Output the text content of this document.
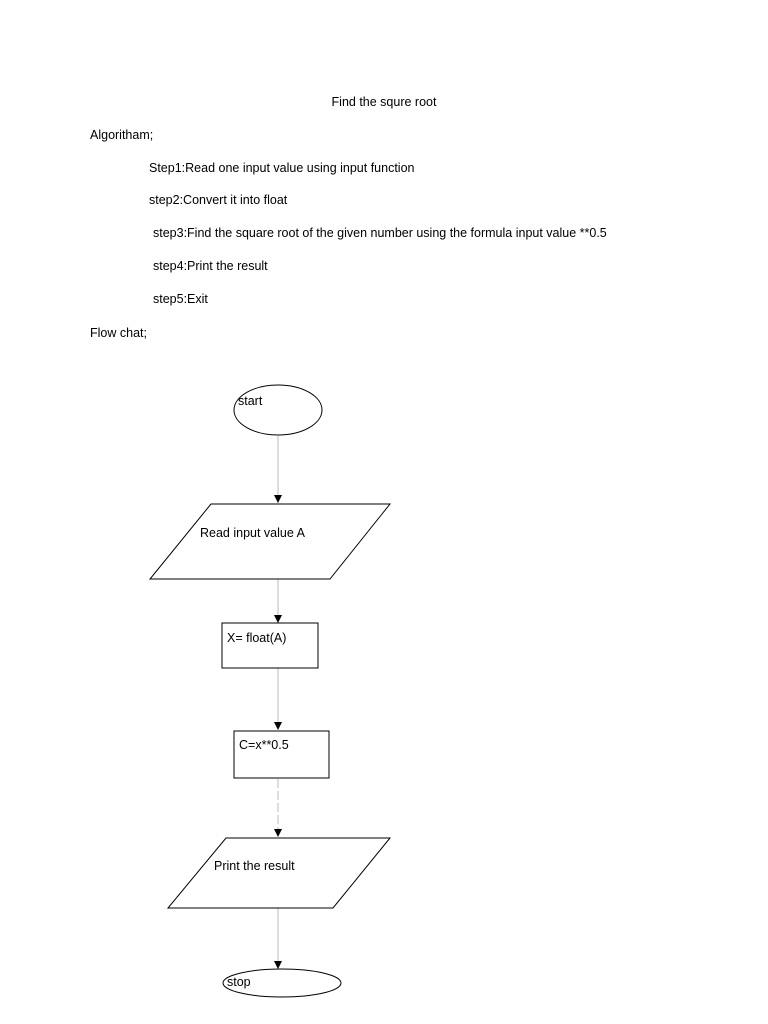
Find the squre root
Algoritham;
Step1:Read one input value using input function
step2:Convert it into float
step3:Find the square root of the given number using the formula input value **0.5
step4:Print the result
step5:Exit
Flow chat;
start
Read input value A
X= float(A)
C=x**0.5
Print the result
stop
